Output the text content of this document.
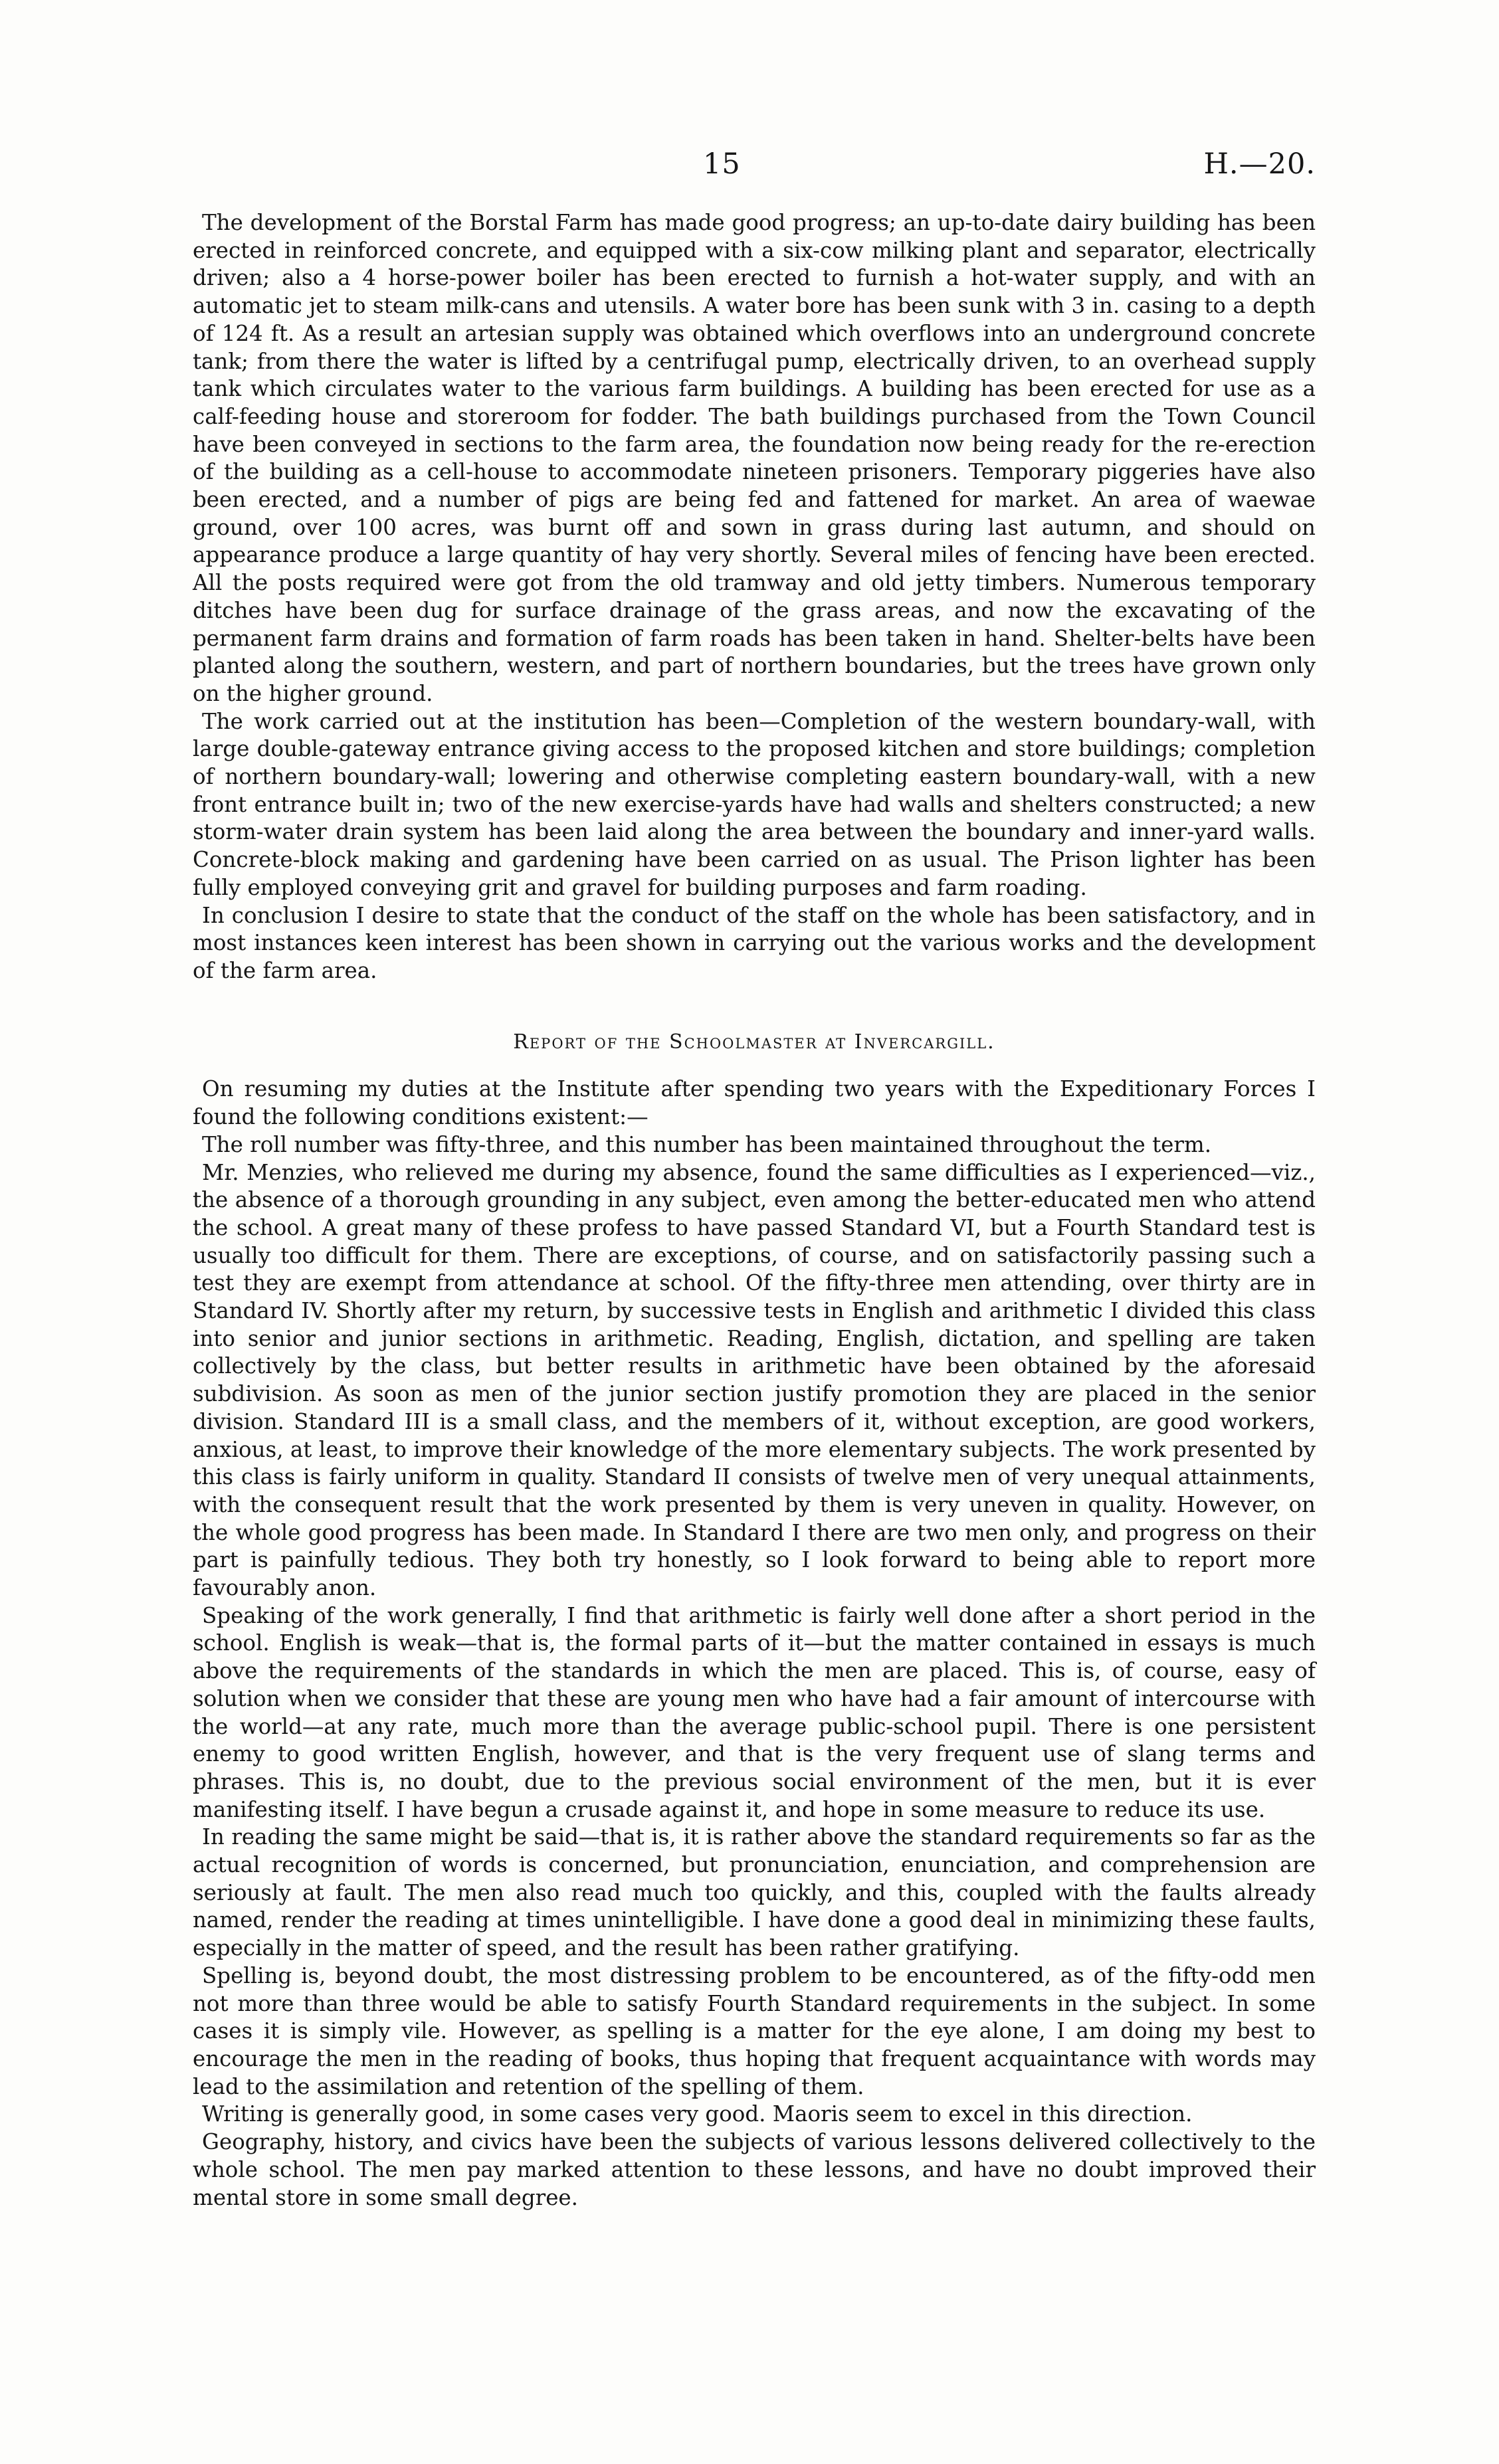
15	H.—20.

The development of the Borstal Farm has made good progress; an up-to-date dairy building has been erected in reinforced concrete, and equipped with a six-cow milking plant and separator, electrically driven; also a 4 horse-power boiler has been erected to furnish a hot-water supply, and with an automatic jet to steam milk-cans and utensils. A water bore has been sunk with 3 in. casing to a depth of 124 ft. As a result an artesian supply was obtained which overflows into an underground concrete tank; from there the water is lifted by a centrifugal pump, electrically driven, to an overhead supply tank which circulates water to the various farm buildings. A building has been erected for use as a calf-feeding house and storeroom for fodder. The bath buildings purchased from the Town Council have been conveyed in sections to the farm area, the foundation now being ready for the re-erection of the building as a cell-house to accommodate nineteen prisoners. Temporary piggeries have also been erected, and a number of pigs are being fed and fattened for market. An area of waewae ground, over 100 acres, was burnt off and sown in grass during last autumn, and should on appearance produce a large quantity of hay very shortly. Several miles of fencing have been erected. All the posts required were got from the old tramway and old jetty timbers. Numerous temporary ditches have been dug for surface drainage of the grass areas, and now the excavating of the permanent farm drains and formation of farm roads has been taken in hand. Shelter-belts have been planted along the southern, western, and part of northern boundaries, but the trees have grown only on the higher ground.

The work carried out at the institution has been—Completion of the western boundary-wall, with large double-gateway entrance giving access to the proposed kitchen and store buildings; completion of northern boundary-wall; lowering and otherwise completing eastern boundary-wall, with a new front entrance built in; two of the new exercise-yards have had walls and shelters constructed; a new storm-water drain system has been laid along the area between the boundary and inner-yard walls. Concrete-block making and gardening have been carried on as usual. The Prison lighter has been fully employed conveying grit and gravel for building purposes and farm roading.

In conclusion I desire to state that the conduct of the staff on the whole has been satisfactory, and in most instances keen interest has been shown in carrying out the various works and the development of the farm area.

Report of the Schoolmaster at Invercargill.

On resuming my duties at the Institute after spending two years with the Expeditionary Forces I found the following conditions existent:—

The roll number was fifty-three, and this number has been maintained throughout the term.

Mr. Menzies, who relieved me during my absence, found the same difficulties as I experienced—viz., the absence of a thorough grounding in any subject, even among the better-educated men who attend the school. A great many of these profess to have passed Standard VI, but a Fourth Standard test is usually too difficult for them. There are exceptions, of course, and on satisfactorily passing such a test they are exempt from attendance at school. Of the fifty-three men attending, over thirty are in Standard IV. Shortly after my return, by successive tests in English and arithmetic I divided this class into senior and junior sections in arithmetic. Reading, English, dictation, and spelling are taken collectively by the class, but better results in arithmetic have been obtained by the aforesaid subdivision. As soon as men of the junior section justify promotion they are placed in the senior division. Standard III is a small class, and the members of it, without exception, are good workers, anxious, at least, to improve their knowledge of the more elementary subjects. The work presented by this class is fairly uniform in quality. Standard II consists of twelve men of very unequal attainments, with the consequent result that the work presented by them is very uneven in quality. However, on the whole good progress has been made. In Standard I there are two men only, and progress on their part is painfully tedious. They both try honestly, so I look forward to being able to report more favourably anon.

Speaking of the work generally, I find that arithmetic is fairly well done after a short period in the school. English is weak—that is, the formal parts of it—but the matter contained in essays is much above the requirements of the standards in which the men are placed. This is, of course, easy of solution when we consider that these are young men who have had a fair amount of intercourse with the world—at any rate, much more than the average public-school pupil. There is one persistent enemy to good written English, however, and that is the very frequent use of slang terms and phrases. This is, no doubt, due to the previous social environment of the men, but it is ever manifesting itself. I have begun a crusade against it, and hope in some measure to reduce its use.

In reading the same might be said—that is, it is rather above the standard requirements so far as the actual recognition of words is concerned, but pronunciation, enunciation, and comprehension are seriously at fault. The men also read much too quickly, and this, coupled with the faults already named, render the reading at times unintelligible. I have done a good deal in minimizing these faults, especially in the matter of speed, and the result has been rather gratifying.

Spelling is, beyond doubt, the most distressing problem to be encountered, as of the fifty-odd men not more than three would be able to satisfy Fourth Standard requirements in the subject. In some cases it is simply vile. However, as spelling is a matter for the eye alone, I am doing my best to encourage the men in the reading of books, thus hoping that frequent acquaintance with words may lead to the assimilation and retention of the spelling of them.

Writing is generally good, in some cases very good. Maoris seem to excel in this direction.

Geography, history, and civics have been the subjects of various lessons delivered collectively to the whole school. The men pay marked attention to these lessons, and have no doubt improved their mental store in some small degree.
